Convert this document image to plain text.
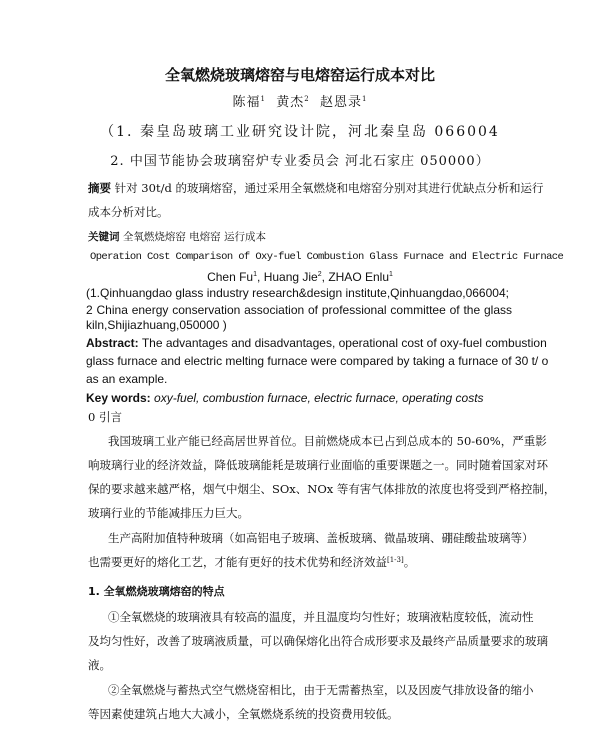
全氧燃烧玻璃熔窑与电熔窑运行成本对比
陈福$^1$ 黄杰$^2$ 赵恩录$^1$
（1. 秦皇岛玻璃工业研究设计院，河北秦皇岛 066004
2. 中国节能协会玻璃窑炉专业委员会 河北石家庄 050000）
摘要 针对 30t/d 的玻璃熔窑，通过采用全氧燃烧和电熔窑分别对其进行优缺点分析和运行
成本分析对比。
关键词 全氧燃烧熔窑 电熔窑 运行成本
Operation Cost Comparison of Oxy-fuel Combustion Glass Furnace and Electric Furnace
Chen Fu$^1$, Huang Jie$^2$, ZHAO Enlu$^1$
(1.Qinhuangdao glass industry research&design institute,Qinhuangdao,066004;
2 China energy conservation association of professional committee of the glass
kiln,Shijiazhuang,050000 )
Abstract: The advantages and disadvantages, operational cost of oxy-fuel combustion
glass furnace and electric melting furnace were compared by taking a furnace of 30 t/ o
as an example.
Key words: oxy-fuel, combustion furnace, electric furnace, operating costs
0 引言
我国玻璃工业产能已经高居世界首位。目前燃烧成本已占到总成本的 50-60%，严重影
响玻璃行业的经济效益，降低玻璃能耗是玻璃行业面临的重要课题之一。同时随着国家对环
保的要求越来越严格，烟气中烟尘、SOx、NOx 等有害气体排放的浓度也将受到严格控制，
玻璃行业的节能减排压力巨大。
生产高附加值特种玻璃（如高铝电子玻璃、盖板玻璃、微晶玻璃、硼硅酸盐玻璃等）
也需要更好的熔化工艺，才能有更好的技术优势和经济效益[1-3]。
1. 全氧燃烧玻璃熔窑的特点
①全氧燃烧的玻璃液具有较高的温度，并且温度均匀性好；玻璃液粘度较低，流动性
及均匀性好，改善了玻璃液质量，可以确保熔化出符合成形要求及最终产品质量要求的玻璃
液。
②全氧燃烧与蓄热式空气燃烧窑相比，由于无需蓄热室，以及因废气排放设备的缩小
等因素使建筑占地大大减小，全氧燃烧系统的投资费用较低。
